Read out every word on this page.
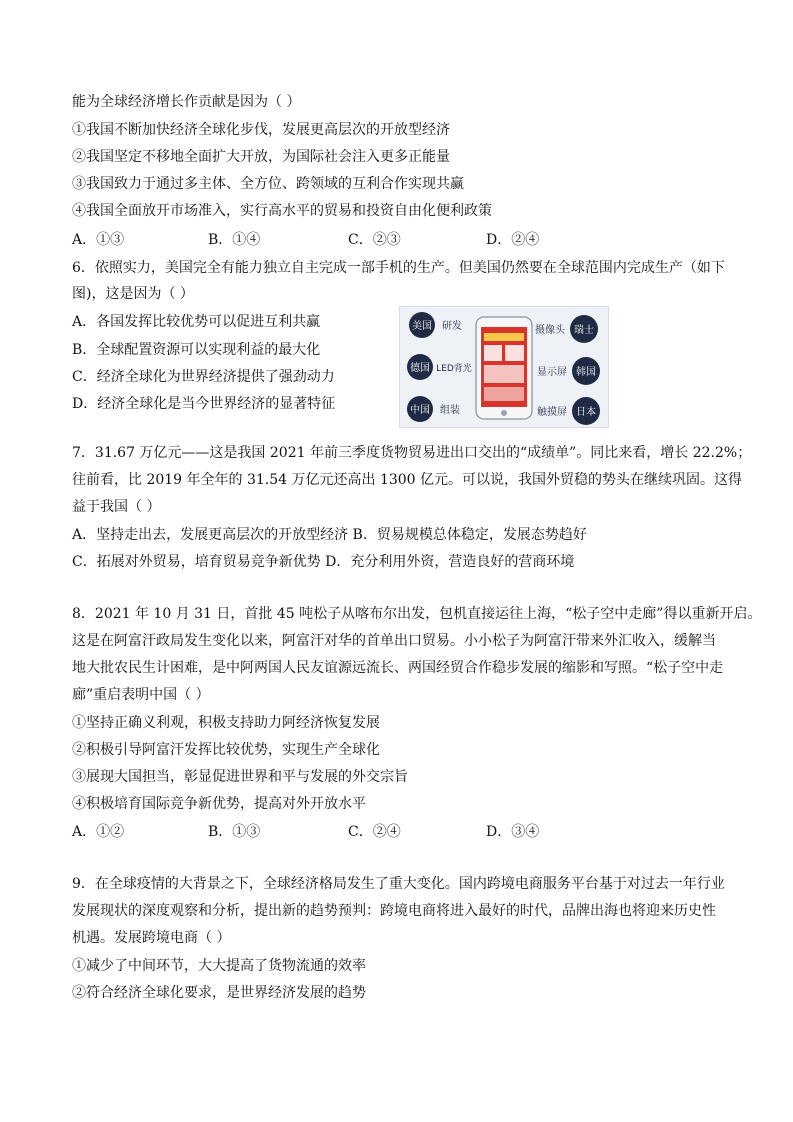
能为全球经济增长作贡献是因为（ ）
①我国不断加快经济全球化步伐，发展更高层次的开放型经济
②我国坚定不移地全面扩大开放，为国际社会注入更多正能量
③我国致力于通过多主体、全方位、跨领域的互利合作实现共赢
④我国全面放开市场准入，实行高水平的贸易和投资自由化便利政策
A．①③	B．①④	C．②③	D．②④
6．依照实力，美国完全有能力独立自主完成一部手机的生产。但美国仍然要在全球范围内完成生产（如下
图)，这是因为（ ）
A．各国发挥比较优势可以促进互利共赢
B．全球配置资源可以实现利益的最大化
C．经济全球化为世界经济提供了强劲动力
D．经济全球化是当今世界经济的显著特征
美国 研发
德国 LED背光
中国 组装
瑞士
摄像头
韩国
显示屏
日本
触摸屏
7．31.67 万亿元——这是我国 2021 年前三季度货物贸易进出口交出的“成绩单”。同比来看，增长 22.2%；
往前看，比 2019 年全年的 31.54 万亿元还高出 1300 亿元。可以说，我国外贸稳的势头在继续巩固。这得
益于我国（ ）
A．坚持走出去，发展更高层次的开放型经济 B．贸易规模总体稳定，发展态势趋好
C．拓展对外贸易，培育贸易竞争新优势 D．充分利用外资，营造良好的营商环境
8．2021 年 10 月 31 日，首批 45 吨松子从喀布尔出发，包机直接运往上海，“松子空中走廊”得以重新开启。
这是在阿富汗政局发生变化以来，阿富汗对华的首单出口贸易。小小松子为阿富汗带来外汇收入，缓解当
地大批农民生计困难，是中阿两国人民友谊源远流长、两国经贸合作稳步发展的缩影和写照。“松子空中走
廊”重启表明中国（ ）
①坚持正确义利观，积极支持助力阿经济恢复发展
②积极引导阿富汗发挥比较优势，实现生产全球化
③展现大国担当，彰显促进世界和平与发展的外交宗旨
④积极培育国际竞争新优势，提高对外开放水平
A．①②	B．①③	C．②④	D．③④
9．在全球疫情的大背景之下，全球经济格局发生了重大变化。国内跨境电商服务平台基于对过去一年行业
发展现状的深度观察和分析，提出新的趋势预判：跨境电商将进入最好的时代，品牌出海也将迎来历史性
机遇。发展跨境电商（ ）
①减少了中间环节，大大提高了货物流通的效率
②符合经济全球化要求，是世界经济发展的趋势
